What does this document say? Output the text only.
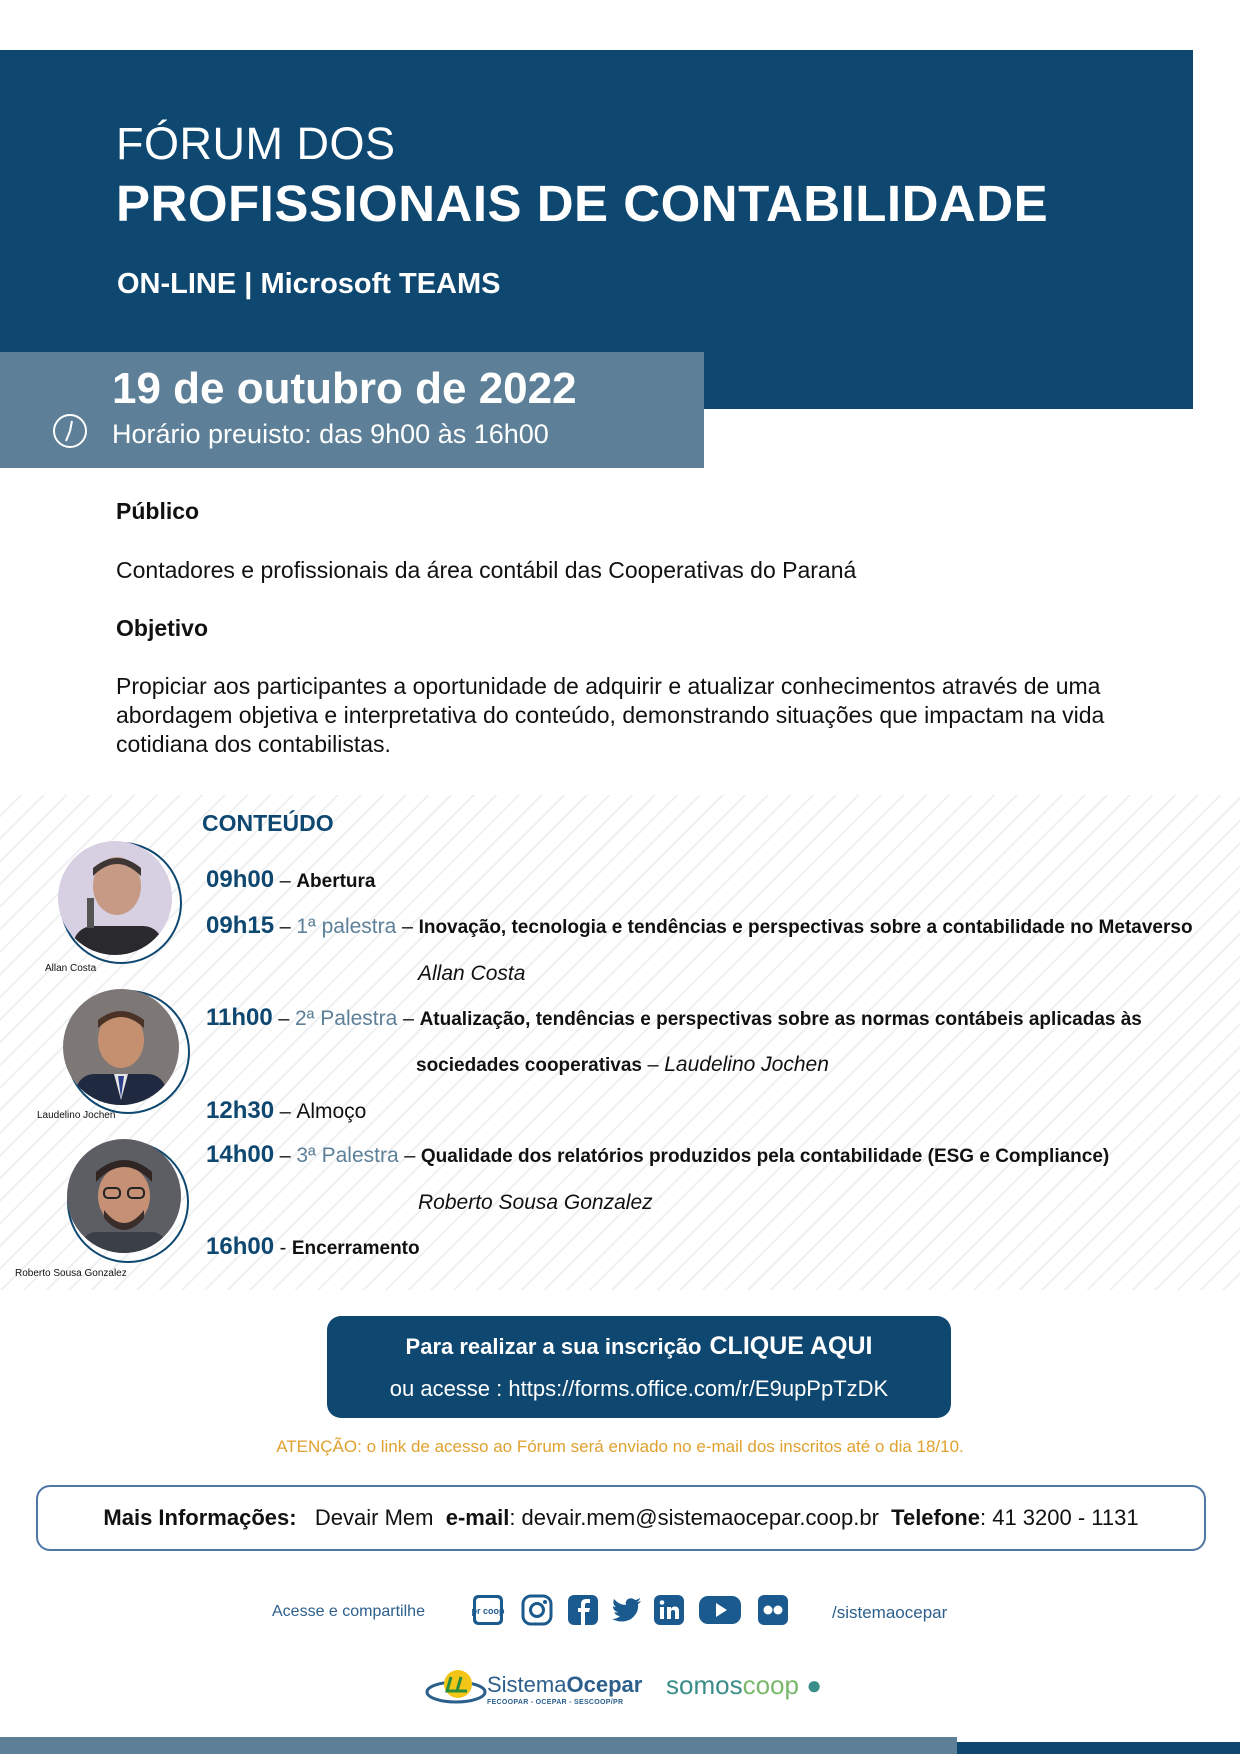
FÓRUM DOS
PROFISSIONAIS DE CONTABILIDADE
ON-LINE | Microsoft TEAMS
19 de outubro de 2022
Horário preuisto: das 9h00 às 16h00
Público
Contadores e profissionais da área contábil das Cooperativas do Paraná
Objetivo
Propiciar aos participantes a oportunidade de adquirir e atualizar conhecimentos através de uma abordagem objetiva e interpretativa do conteúdo, demonstrando situações que impactam na vida cotidiana dos contabilistas.
CONTEÚDO
Allan Costa
Laudelino Jochen
Roberto Sousa Gonzalez
09h00 – Abertura
09h15 – 1ª palestra – Inovação, tecnologia e tendências e perspectivas sobre a contabilidade no Metaverso
Allan Costa
11h00 – 2ª Palestra – Atualização, tendências e perspectivas sobre as normas contábeis aplicadas às
sociedades cooperativas – Laudelino Jochen
12h30 – Almoço
14h00 – 3ª Palestra – Qualidade dos relatórios produzidos pela contabilidade (ESG e Compliance)
Roberto Sousa Gonzalez
16h00 - Encerramento
Para realizar a sua inscrição CLIQUE AQUI
ou acesse : https://forms.office.com/r/E9upPpTzDK
ATENÇÃO: o link de acesso ao Fórum será enviado no e-mail dos inscritos até o dia 18/10.
Mais Informações: Devair Mem e-mail: devair.mem@sistemaocepar.coop.br Telefone: 41 3200 - 1131
Acesse e compartilhe	pr coop	/sistemaocepar
SistemaOcepar
FECOOPAR - OCEPAR - SESCOOP/PR
somoscoop ●
